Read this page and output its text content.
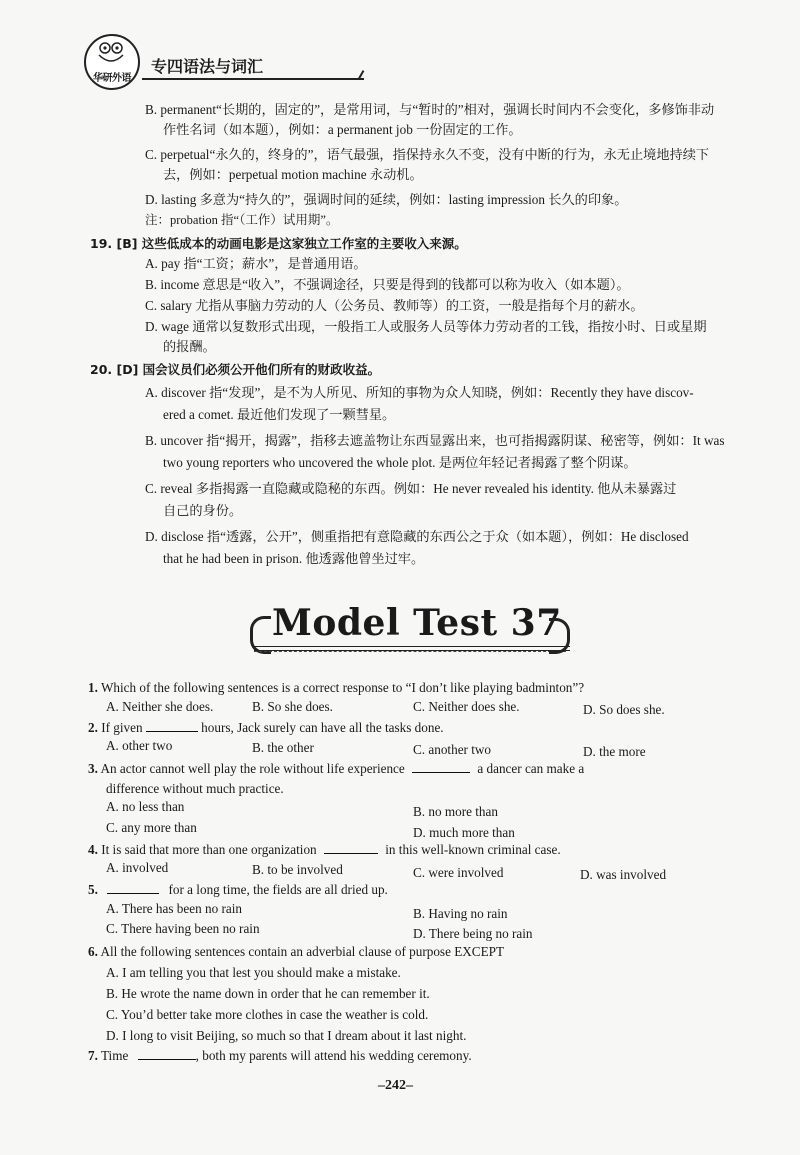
华研外语
专四语法与词汇
B. permanent“长期的，固定的”，是常用词，与“暂时的”相对，强调长时间内不会变化，多修饰非动
作性名词（如本题），例如：a permanent job 一份固定的工作。
C. perpetual“永久的，终身的”，语气最强，指保持永久不变，没有中断的行为，永无止境地持续下
去，例如：perpetual motion machine 永动机。
D. lasting 多意为“持久的”，强调时间的延续，例如：lasting impression 长久的印象。
注：probation 指“（工作）试用期”。
19. [B] 这些低成本的动画电影是这家独立工作室的主要收入来源。
A. pay 指“工资；薪水”，是普通用语。
B. income 意思是“收入”，不强调途径，只要是得到的钱都可以称为收入（如本题）。
C. salary 尤指从事脑力劳动的人（公务员、教师等）的工资，一般是指每个月的薪水。
D. wage 通常以复数形式出现，一般指工人或服务人员等体力劳动者的工钱，指按小时、日或星期
的报酬。
20. [D] 国会议员们必须公开他们所有的财政收益。
A. discover 指“发现”，是不为人所见、所知的事物为众人知晓，例如：Recently they have discov-
ered a comet. 最近他们发现了一颗彗星。
B. uncover 指“揭开，揭露”，指移去遮盖物让东西显露出来，也可指揭露阴谋、秘密等，例如：It was
two young reporters who uncovered the whole plot. 是两位年轻记者揭露了整个阴谋。
C. reveal 多指揭露一直隐藏或隐秘的东西。例如：He never revealed his identity. 他从未暴露过
自己的身份。
D. disclose 指“透露，公开”，侧重指把有意隐藏的东西公之于众（如本题），例如：He disclosed
that he had been in prison. 他透露他曾坐过牢。
Model Test 37
1. Which of the following sentences is a correct response to “I don’t like playing badminton”?
A. Neither she does.	B. So she does.	C. Neither does she.	D. So does she.
2. If given	hours, Jack surely can have all the tasks done.
A. other two	B. the other	C. another two	D. the more
3. An actor cannot well play the role without life experience	a dancer can make a
difference without much practice.
A. no less than	B. no more than
C. any more than	D. much more than
4. It is said that more than one organization	in this well-known criminal case.
A. involved	B. to be involved	C. were involved	D. was involved
5.	for a long time, the fields are all dried up.
A. There has been no rain	B. Having no rain
C. There having been no rain	D. There being no rain
6. All the following sentences contain an adverbial clause of purpose EXCEPT
A. I am telling you that lest you should make a mistake.
B. He wrote the name down in order that he can remember it.
C. You’d better take more clothes in case the weather is cold.
D. I long to visit Beijing, so much so that I dream about it last night.
7. Time	, both my parents will attend his wedding ceremony.
–242–
